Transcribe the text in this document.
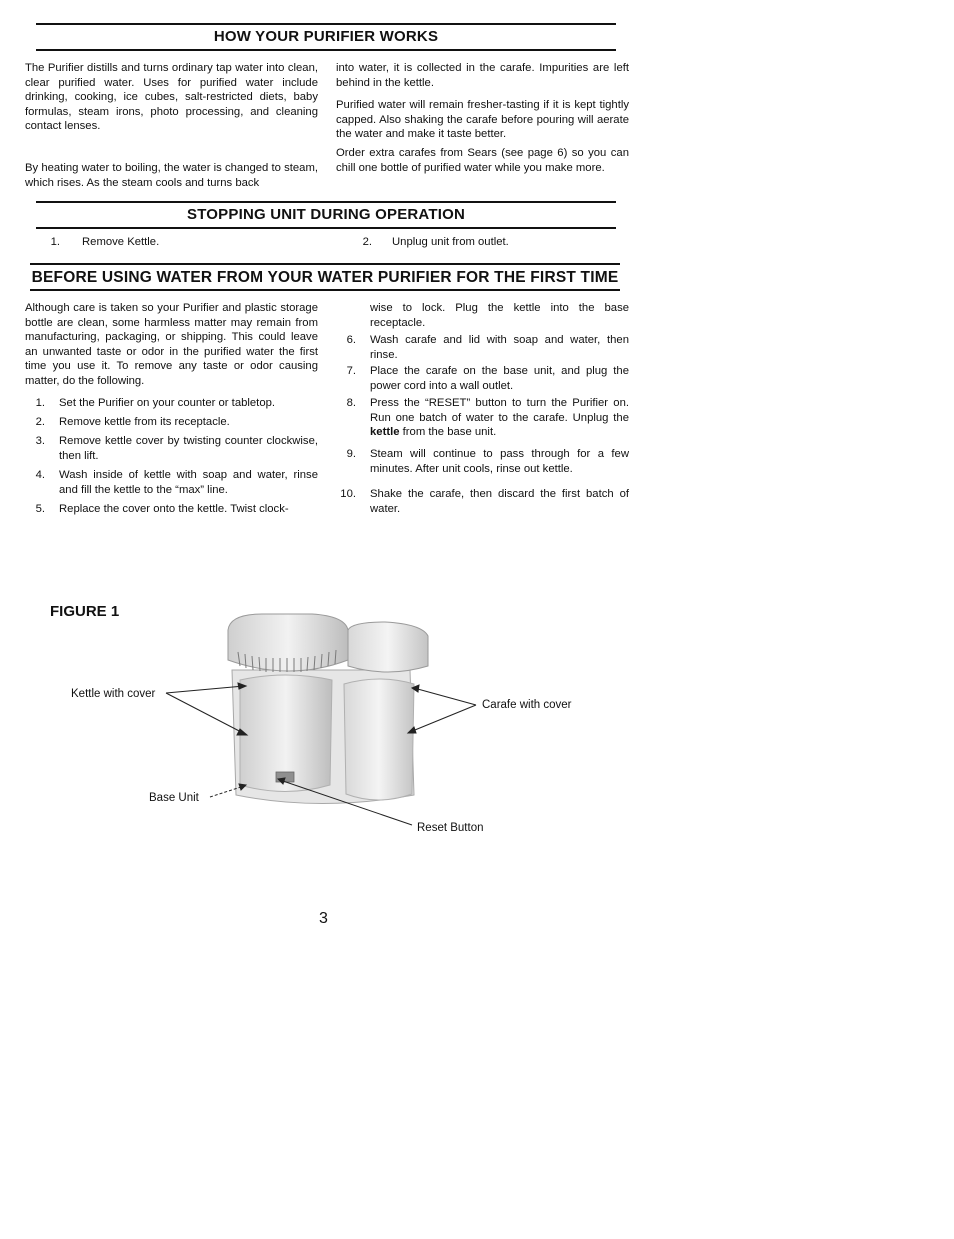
HOW YOUR PURIFIER WORKS

The Purifier distills and turns ordinary tap water into clean, clear purified water. Uses for purified water include drinking, cooking, ice cubes, salt-restricted diets, baby formulas, steam irons, photo processing, and cleaning contact lenses.

By heating water to boiling, the water is changed to steam, which rises. As the steam cools and turns back

into water, it is collected in the carafe. Impurities are left behind in the kettle.

Purified water will remain fresher-tasting if it is kept tightly capped. Also shaking the carafe before pouring will aerate the water and make it taste better.

Order extra carafes from Sears (see page 6) so you can chill one bottle of purified water while you make more.

STOPPING UNIT DURING OPERATION
1. Remove Kettle.	2. Unplug unit from outlet.
BEFORE USING WATER FROM YOUR WATER PURIFIER FOR THE FIRST TIME

Although care is taken so your Purifier and plastic storage bottle are clean, some harmless matter may remain from manufacturing, packaging, or shipping. This could leave an unwanted taste or odor in the purified water the first time you use it. To remove any taste or odor causing matter, do the following.

1. Set the Purifier on your counter or tabletop.
2. Remove kettle from its receptacle.
3. Remove kettle cover by twisting counter clockwise, then lift.
4. Wash inside of kettle with soap and water, rinse and fill the kettle to the “max” line.
5. Replace the cover onto the kettle. Twist clock-
wise to lock. Plug the kettle into the base receptacle.
6. Wash carafe and lid with soap and water, then rinse.
7. Place the carafe on the base unit, and plug the power cord into a wall outlet.
8. Press the “RESET” button to turn the Purifier on. Run one batch of water to the carafe. Unplug the kettle from the base unit.
9. Steam will continue to pass through for a few minutes. After unit cools, rinse out kettle.
10. Shake the carafe, then discard the first batch of water.
FIGURE 1
Kettle with cover
Carafe with cover
Base Unit
Reset Button
3
